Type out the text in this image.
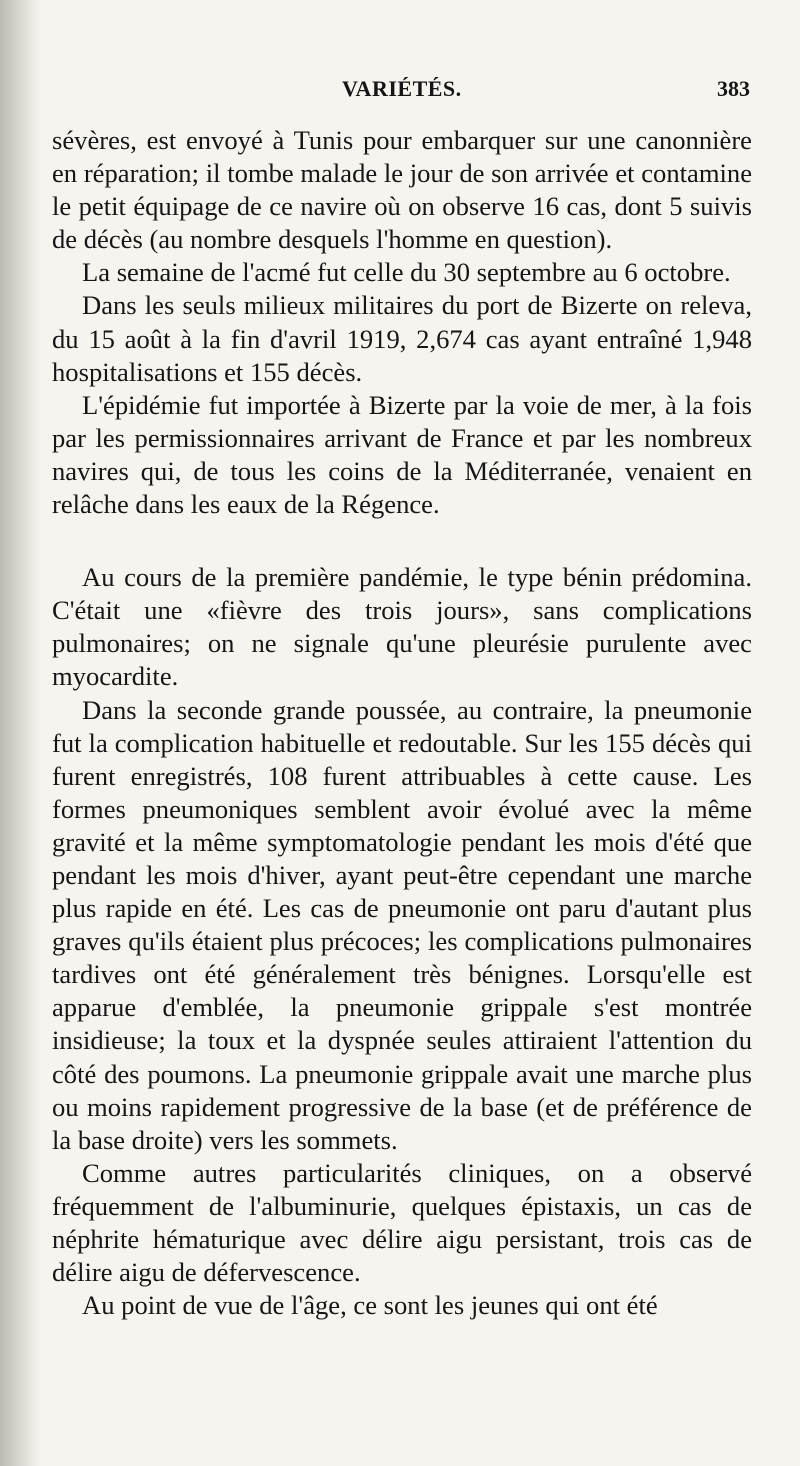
VARIÉTÉS.	383

sévères, est envoyé à Tunis pour embarquer sur une canonnière en réparation; il tombe malade le jour de son arrivée et contamine le petit équipage de ce navire où on observe 16 cas, dont 5 suivis de décès (au nombre desquels l'homme en question).

La semaine de l'acmé fut celle du 30 septembre au 6 octobre.

Dans les seuls milieux militaires du port de Bizerte on releva, du 15 août à la fin d'avril 1919, 2,674 cas ayant entraîné 1,948 hospitalisations et 155 décès.

L'épidémie fut importée à Bizerte par la voie de mer, à la fois par les permissionnaires arrivant de France et par les nombreux navires qui, de tous les coins de la Méditerranée, venaient en relâche dans les eaux de la Régence.

Au cours de la première pandémie, le type bénin prédomina. C'était une «fièvre des trois jours», sans complications pulmonaires; on ne signale qu'une pleurésie purulente avec myocardite.

Dans la seconde grande poussée, au contraire, la pneumonie fut la complication habituelle et redoutable. Sur les 155 décès qui furent enregistrés, 108 furent attribuables à cette cause. Les formes pneumoniques semblent avoir évolué avec la même gravité et la même symptomatologie pendant les mois d'été que pendant les mois d'hiver, ayant peut-être cependant une marche plus rapide en été. Les cas de pneumonie ont paru d'autant plus graves qu'ils étaient plus précoces; les complications pulmonaires tardives ont été généralement très bénignes. Lorsqu'elle est apparue d'emblée, la pneumonie grippale s'est montrée insidieuse; la toux et la dyspnée seules attiraient l'attention du côté des poumons. La pneumonie grippale avait une marche plus ou moins rapidement progressive de la base (et de préférence de la base droite) vers les sommets.

Comme autres particularités cliniques, on a observé fréquemment de l'albuminurie, quelques épistaxis, un cas de néphrite hématurique avec délire aigu persistant, trois cas de délire aigu de défervescence.

Au point de vue de l'âge, ce sont les jeunes qui ont été
